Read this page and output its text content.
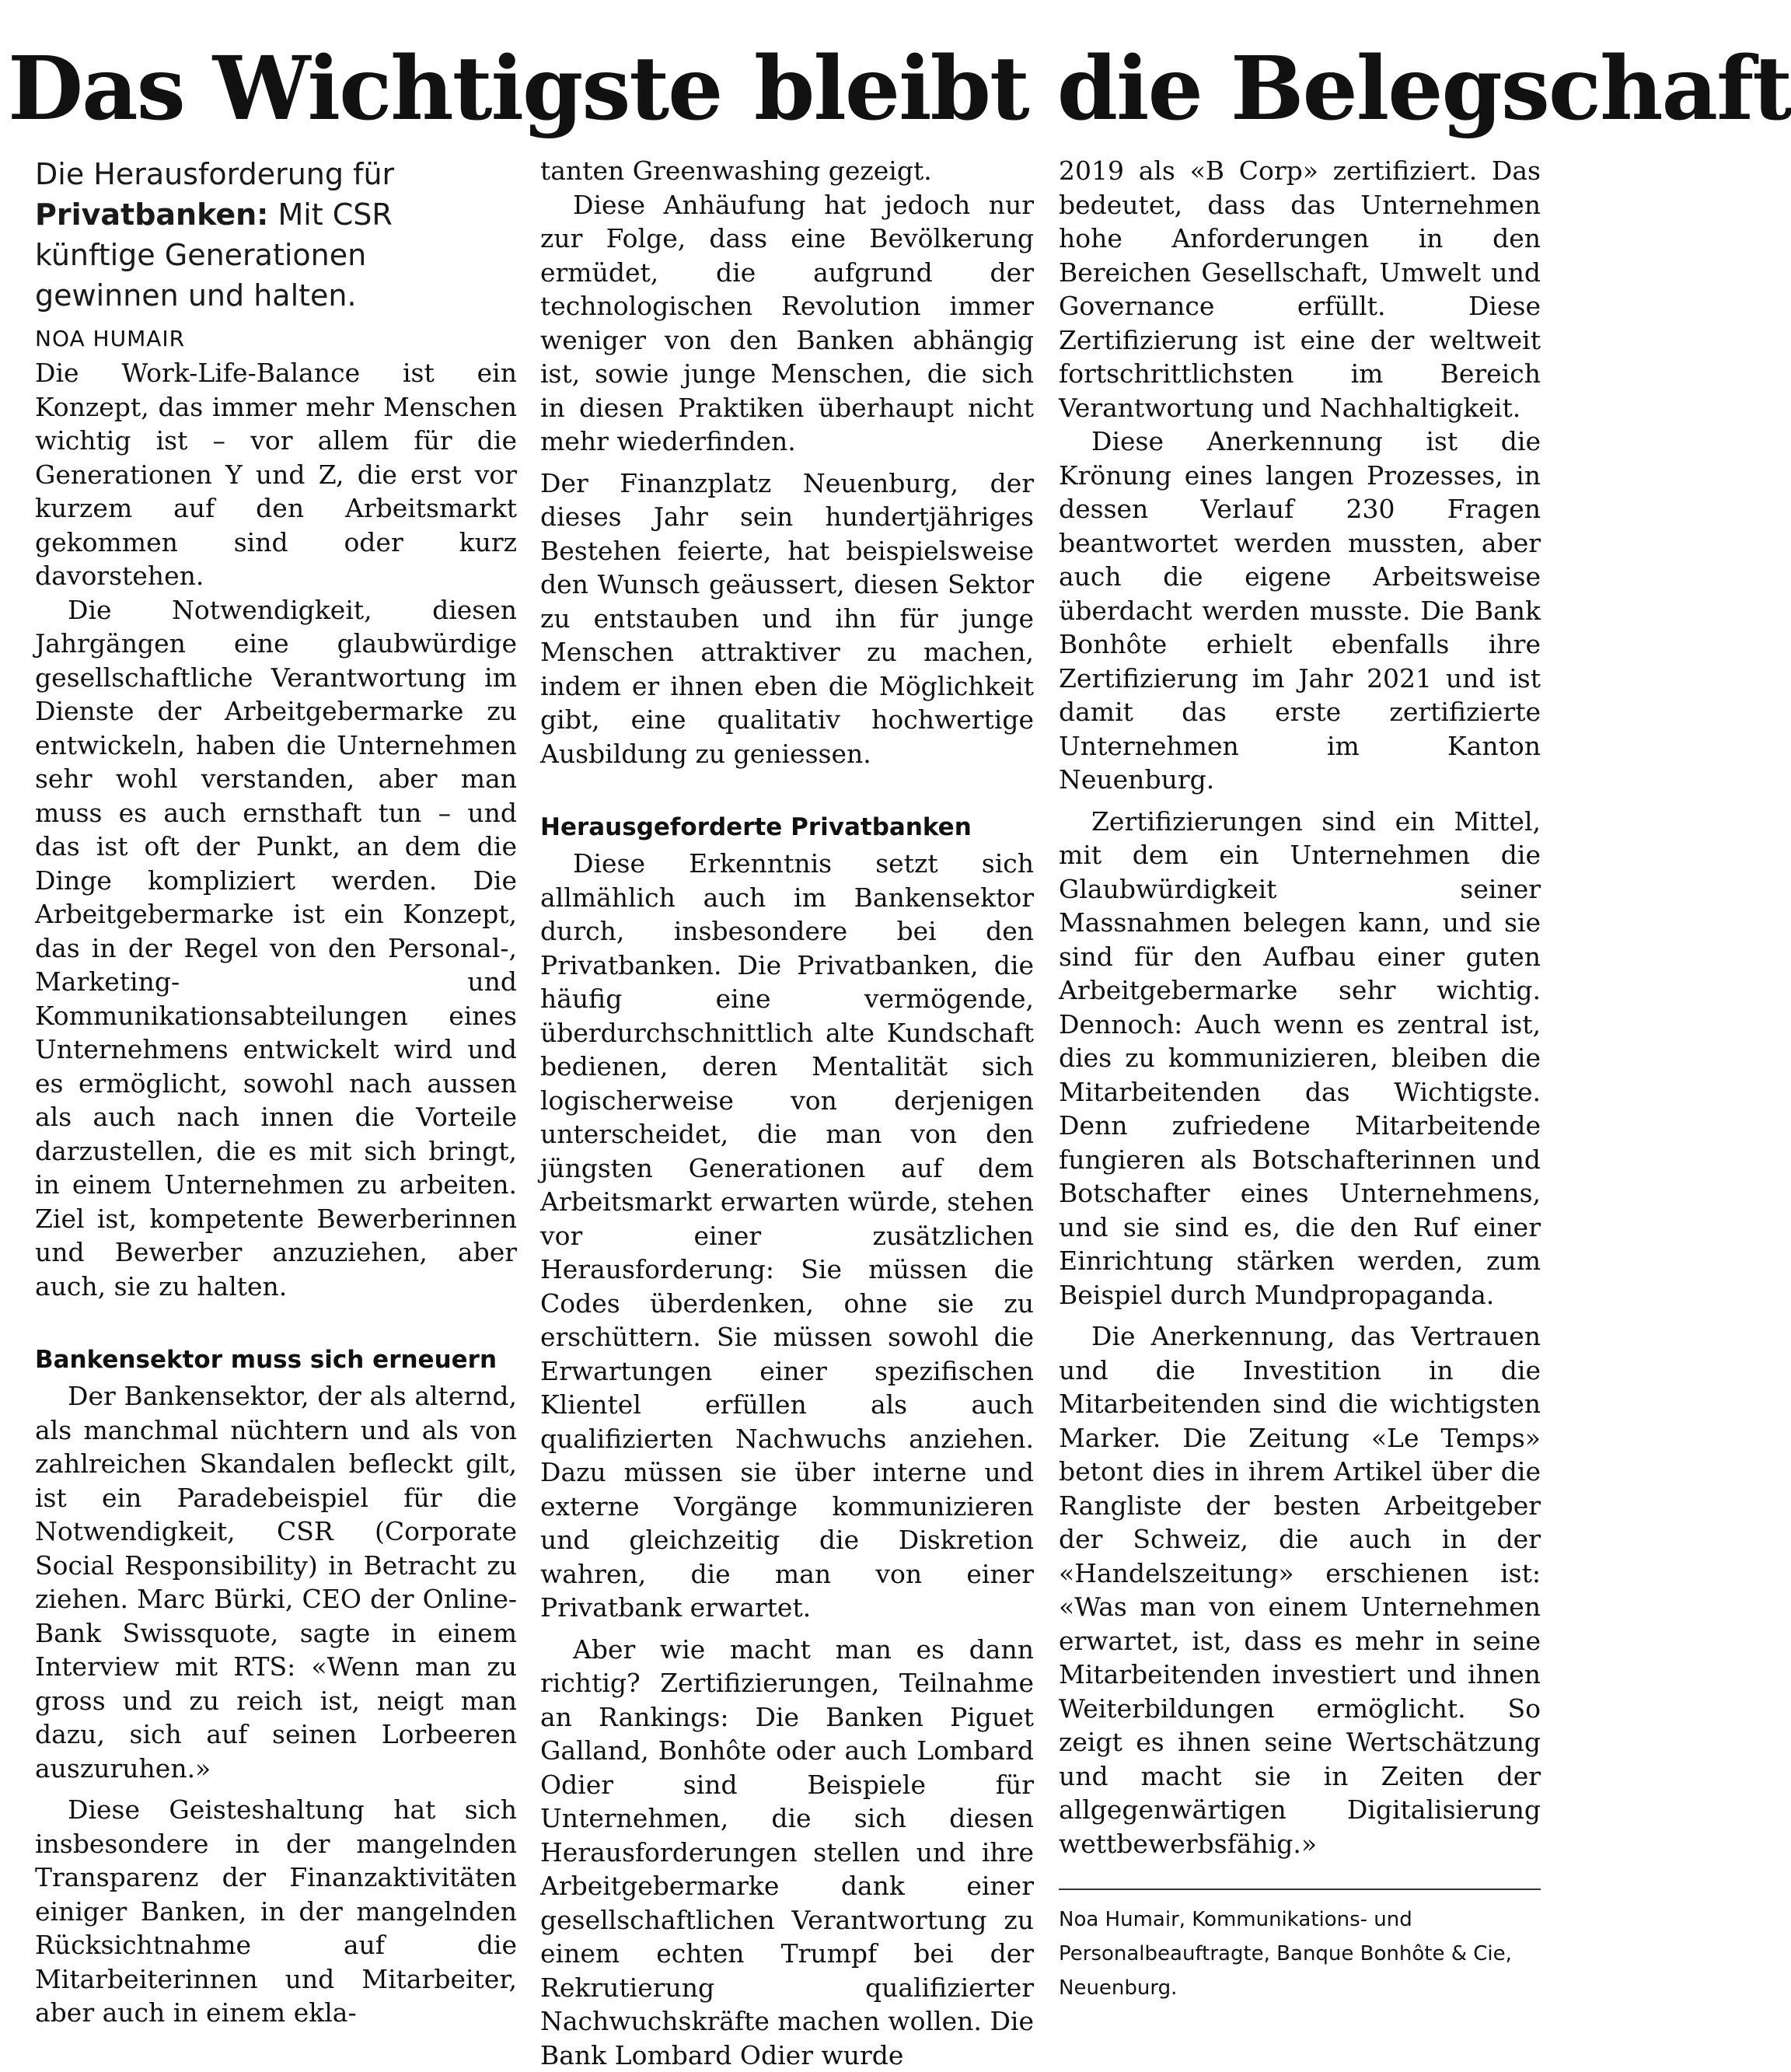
Das Wichtigste bleibt die Belegschaft

Die Herausforderung für Privatbanken: Mit CSR künftige Generationen gewinnen und halten.

NOA HUMAIR

Die Work-Life-Balance ist ein Konzept, das immer mehr Menschen wichtig ist – vor allem für die Generationen Y und Z, die erst vor kurzem auf den Arbeitsmarkt gekommen sind oder kurz davorstehen.

Die Notwendigkeit, diesen Jahrgängen eine glaubwürdige gesellschaftliche Verantwortung im Dienste der Arbeitgebermarke zu entwickeln, haben die Unternehmen sehr wohl verstanden, aber man muss es auch ernsthaft tun – und das ist oft der Punkt, an dem die Dinge kompliziert werden. Die Arbeitgebermarke ist ein Konzept, das in der Regel von den Personal-, Marketing- und Kommunikationsabteilungen eines Unternehmens entwickelt wird und es ermöglicht, sowohl nach aussen als auch nach innen die Vorteile darzustellen, die es mit sich bringt, in einem Unternehmen zu arbeiten. Ziel ist, kompetente Bewerberinnen und Bewerber anzuziehen, aber auch, sie zu halten.

Bankensektor muss sich erneuern

Der Bankensektor, der als alternd, als manchmal nüchtern und als von zahlreichen Skandalen befleckt gilt, ist ein Paradebeispiel für die Notwendigkeit, CSR (Corporate Social Responsibility) in Betracht zu ziehen. Marc Bürki, CEO der Online-Bank Swissquote, sagte in einem Interview mit RTS: «Wenn man zu gross und zu reich ist, neigt man dazu, sich auf seinen Lorbeeren auszuruhen.»

Diese Geisteshaltung hat sich insbesondere in der mangelnden Transparenz der Finanzaktivitäten einiger Banken, in der mangelnden Rücksichtnahme auf die Mitarbeiterinnen und Mitarbeiter, aber auch in einem ekla-

tanten Greenwashing gezeigt.

Diese Anhäufung hat jedoch nur zur Folge, dass eine Bevölkerung ermüdet, die aufgrund der technologischen Revolution immer weniger von den Banken abhängig ist, sowie junge Menschen, die sich in diesen Praktiken überhaupt nicht mehr wiederfinden.

Der Finanzplatz Neuenburg, der dieses Jahr sein hundertjähriges Bestehen feierte, hat beispielsweise den Wunsch geäussert, diesen Sektor zu entstauben und ihn für junge Menschen attraktiver zu machen, indem er ihnen eben die Möglichkeit gibt, eine qualitativ hochwertige Ausbildung zu geniessen.

Herausgeforderte Privatbanken

Diese Erkenntnis setzt sich allmählich auch im Bankensektor durch, insbesondere bei den Privatbanken. Die Privatbanken, die häufig eine vermögende, überdurchschnittlich alte Kundschaft bedienen, deren Mentalität sich logischerweise von derjenigen unterscheidet, die man von den jüngsten Generationen auf dem Arbeitsmarkt erwarten würde, stehen vor einer zusätzlichen Herausforderung: Sie müssen die Codes überdenken, ohne sie zu erschüttern. Sie müssen sowohl die Erwartungen einer spezifischen Klientel erfüllen als auch qualifizierten Nachwuchs anziehen. Dazu müssen sie über interne und externe Vorgänge kommunizieren und gleichzeitig die Diskretion wahren, die man von einer Privatbank erwartet.

Aber wie macht man es dann richtig? Zertifizierungen, Teilnahme an Rankings: Die Banken Piguet Galland, Bonhôte oder auch Lombard Odier sind Beispiele für Unternehmen, die sich diesen Herausforderungen stellen und ihre Arbeitgebermarke dank einer gesellschaftlichen Verantwortung zu einem echten Trumpf bei der Rekrutierung qualifizierter Nachwuchskräfte machen wollen. Die Bank Lombard Odier wurde

2019 als «B Corp» zertifiziert. Das bedeutet, dass das Unternehmen hohe Anforderungen in den Bereichen Gesellschaft, Umwelt und Governance erfüllt. Diese Zertifizierung ist eine der weltweit fortschrittlichsten im Bereich Verantwortung und Nachhaltigkeit.

Diese Anerkennung ist die Krönung eines langen Prozesses, in dessen Verlauf 230 Fragen beantwortet werden mussten, aber auch die eigene Arbeitsweise überdacht werden musste. Die Bank Bonhôte erhielt ebenfalls ihre Zertifizierung im Jahr 2021 und ist damit das erste zertifizierte Unternehmen im Kanton Neuenburg.

Zertifizierungen sind ein Mittel, mit dem ein Unternehmen die Glaubwürdigkeit seiner Massnahmen belegen kann, und sie sind für den Aufbau einer guten Arbeitgebermarke sehr wichtig. Dennoch: Auch wenn es zentral ist, dies zu kommunizieren, bleiben die Mitarbeitenden das Wichtigste. Denn zufriedene Mitarbeitende fungieren als Botschafterinnen und Botschafter eines Unternehmens, und sie sind es, die den Ruf einer Einrichtung stärken werden, zum Beispiel durch Mundpropaganda.

Die Anerkennung, das Vertrauen und die Investition in die Mitarbeitenden sind die wichtigsten Marker. Die Zeitung «Le Temps» betont dies in ihrem Artikel über die Rangliste der besten Arbeitgeber der Schweiz, die auch in der «Handelszeitung» erschienen ist: «Was man von einem Unternehmen erwartet, ist, dass es mehr in seine Mitarbeitenden investiert und ihnen Weiterbildungen ermöglicht. So zeigt es ihnen seine Wertschätzung und macht sie in Zeiten der allgegenwärtigen Digitalisierung wettbewerbsfähig.»

Noa Humair, Kommunikations- und Personalbeauftragte, Banque Bonhôte & Cie, Neuenburg.
